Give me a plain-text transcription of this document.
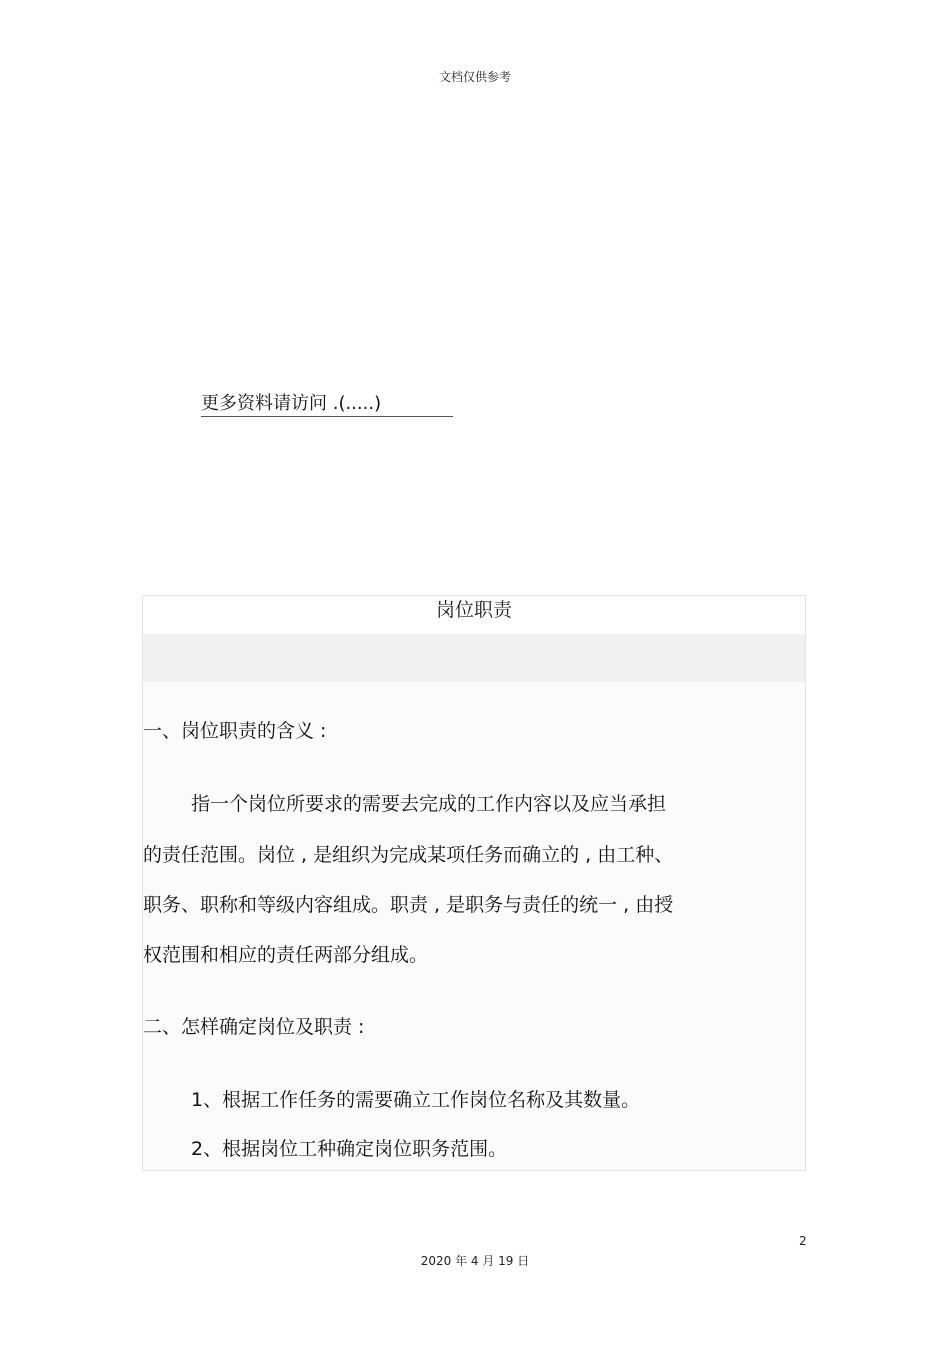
文档仅供参考
更多资料请访问 .(.....)
岗位职责
一、岗位职责的含义 :
指一个岗位所要求的需要去完成的工作内容以及应当承担
的责任范围。岗位 , 是组织为完成某项任务而确立的 , 由工种、
职务、职称和等级内容组成。职责 , 是职务与责任的统一 , 由授
权范围和相应的责任两部分组成。
二、怎样确定岗位及职责 :
1、根据工作任务的需要确立工作岗位名称及其数量。
2、根据岗位工种确定岗位职务范围。
2
2020 年 4 月 19 日
